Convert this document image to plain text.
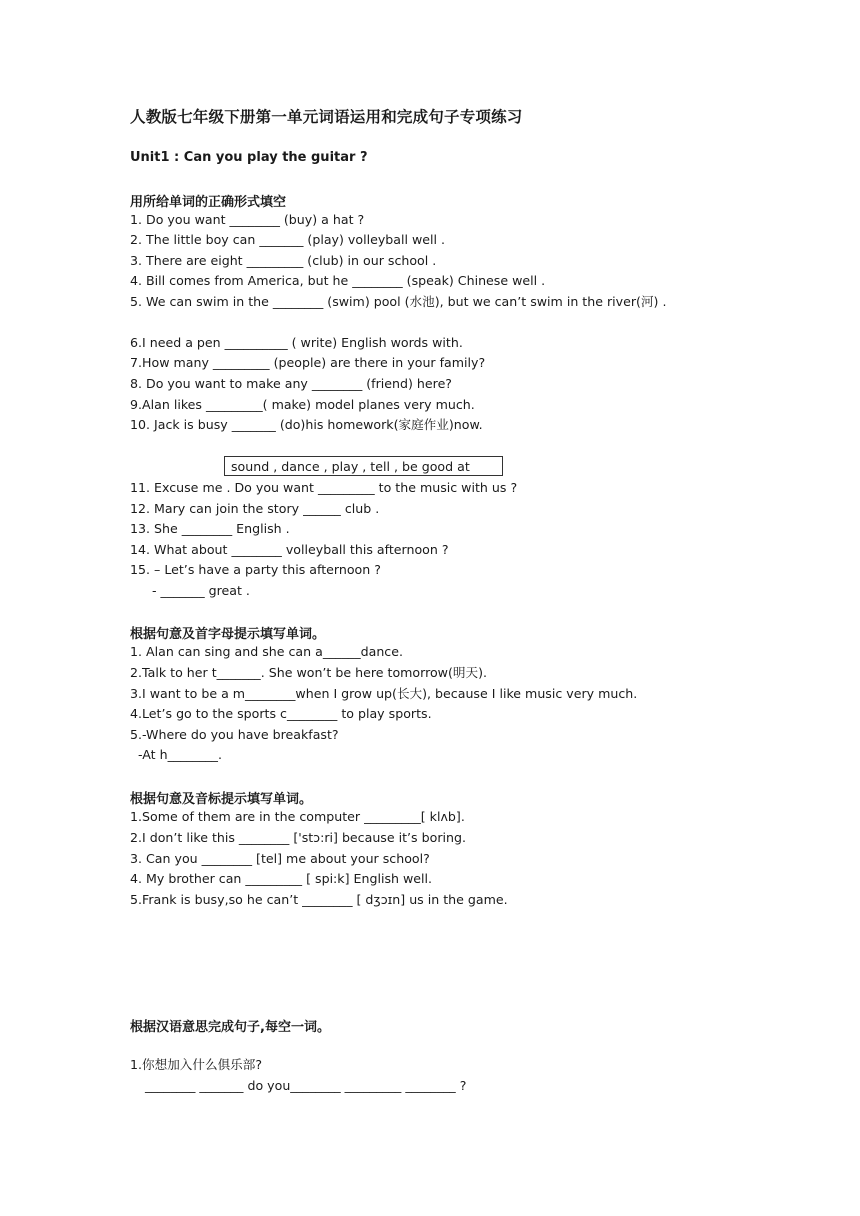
人教版七年级下册第一单元词语运用和完成句子专项练习
Unit1 : Can you play the guitar ?
用所给单词的正确形式填空
1. Do you want ________ (buy) a hat ?
2. The little boy can _______ (play) volleyball well .
3. There are eight _________ (club) in our school .
4. Bill comes from America, but he ________ (speak) Chinese well .
5. We can swim in the ________ (swim) pool (水池), but we can’t swim in the river(河) .
6.I need a pen __________ ( write) English words with.
7.How many _________ (people) are there in your family?
8. Do you want to make any ________ (friend) here?
9.Alan likes _________( make) model planes very much.
10. Jack is busy _______ (do)his homework(家庭作业)now.
sound , dance , play , tell , be good at
11. Excuse me . Do you want _________ to the music with us ?
12. Mary can join the story ______ club .
13. She ________ English .
14. What about ________ volleyball this afternoon ?
15. – Let’s have a party this afternoon ?
- _______ great .
根据句意及首字母提示填写单词。
1. Alan can sing and she can a______dance.
2.Talk to her t_______. She won’t be here tomorrow(明天).
3.I want to be a m________when I grow up(长大), because I like music very much.
4.Let’s go to the sports c________ to play sports.
5.-Where do you have breakfast?
-At h________.
根据句意及音标提示填写单词。
1.Some of them are in the computer _________[ klʌb].
2.I don’t like this ________ ['stɔ:ri] because it’s boring.
3. Can you ________ [tel] me about your school?
4. My brother can _________ [ spi:k] English well.
5.Frank is busy,so he can’t ________ [ dʒɔɪn] us in the game.
根据汉语意思完成句子,每空一词。
1.你想加入什么俱乐部?
________ _______ do you________ _________ ________ ?
